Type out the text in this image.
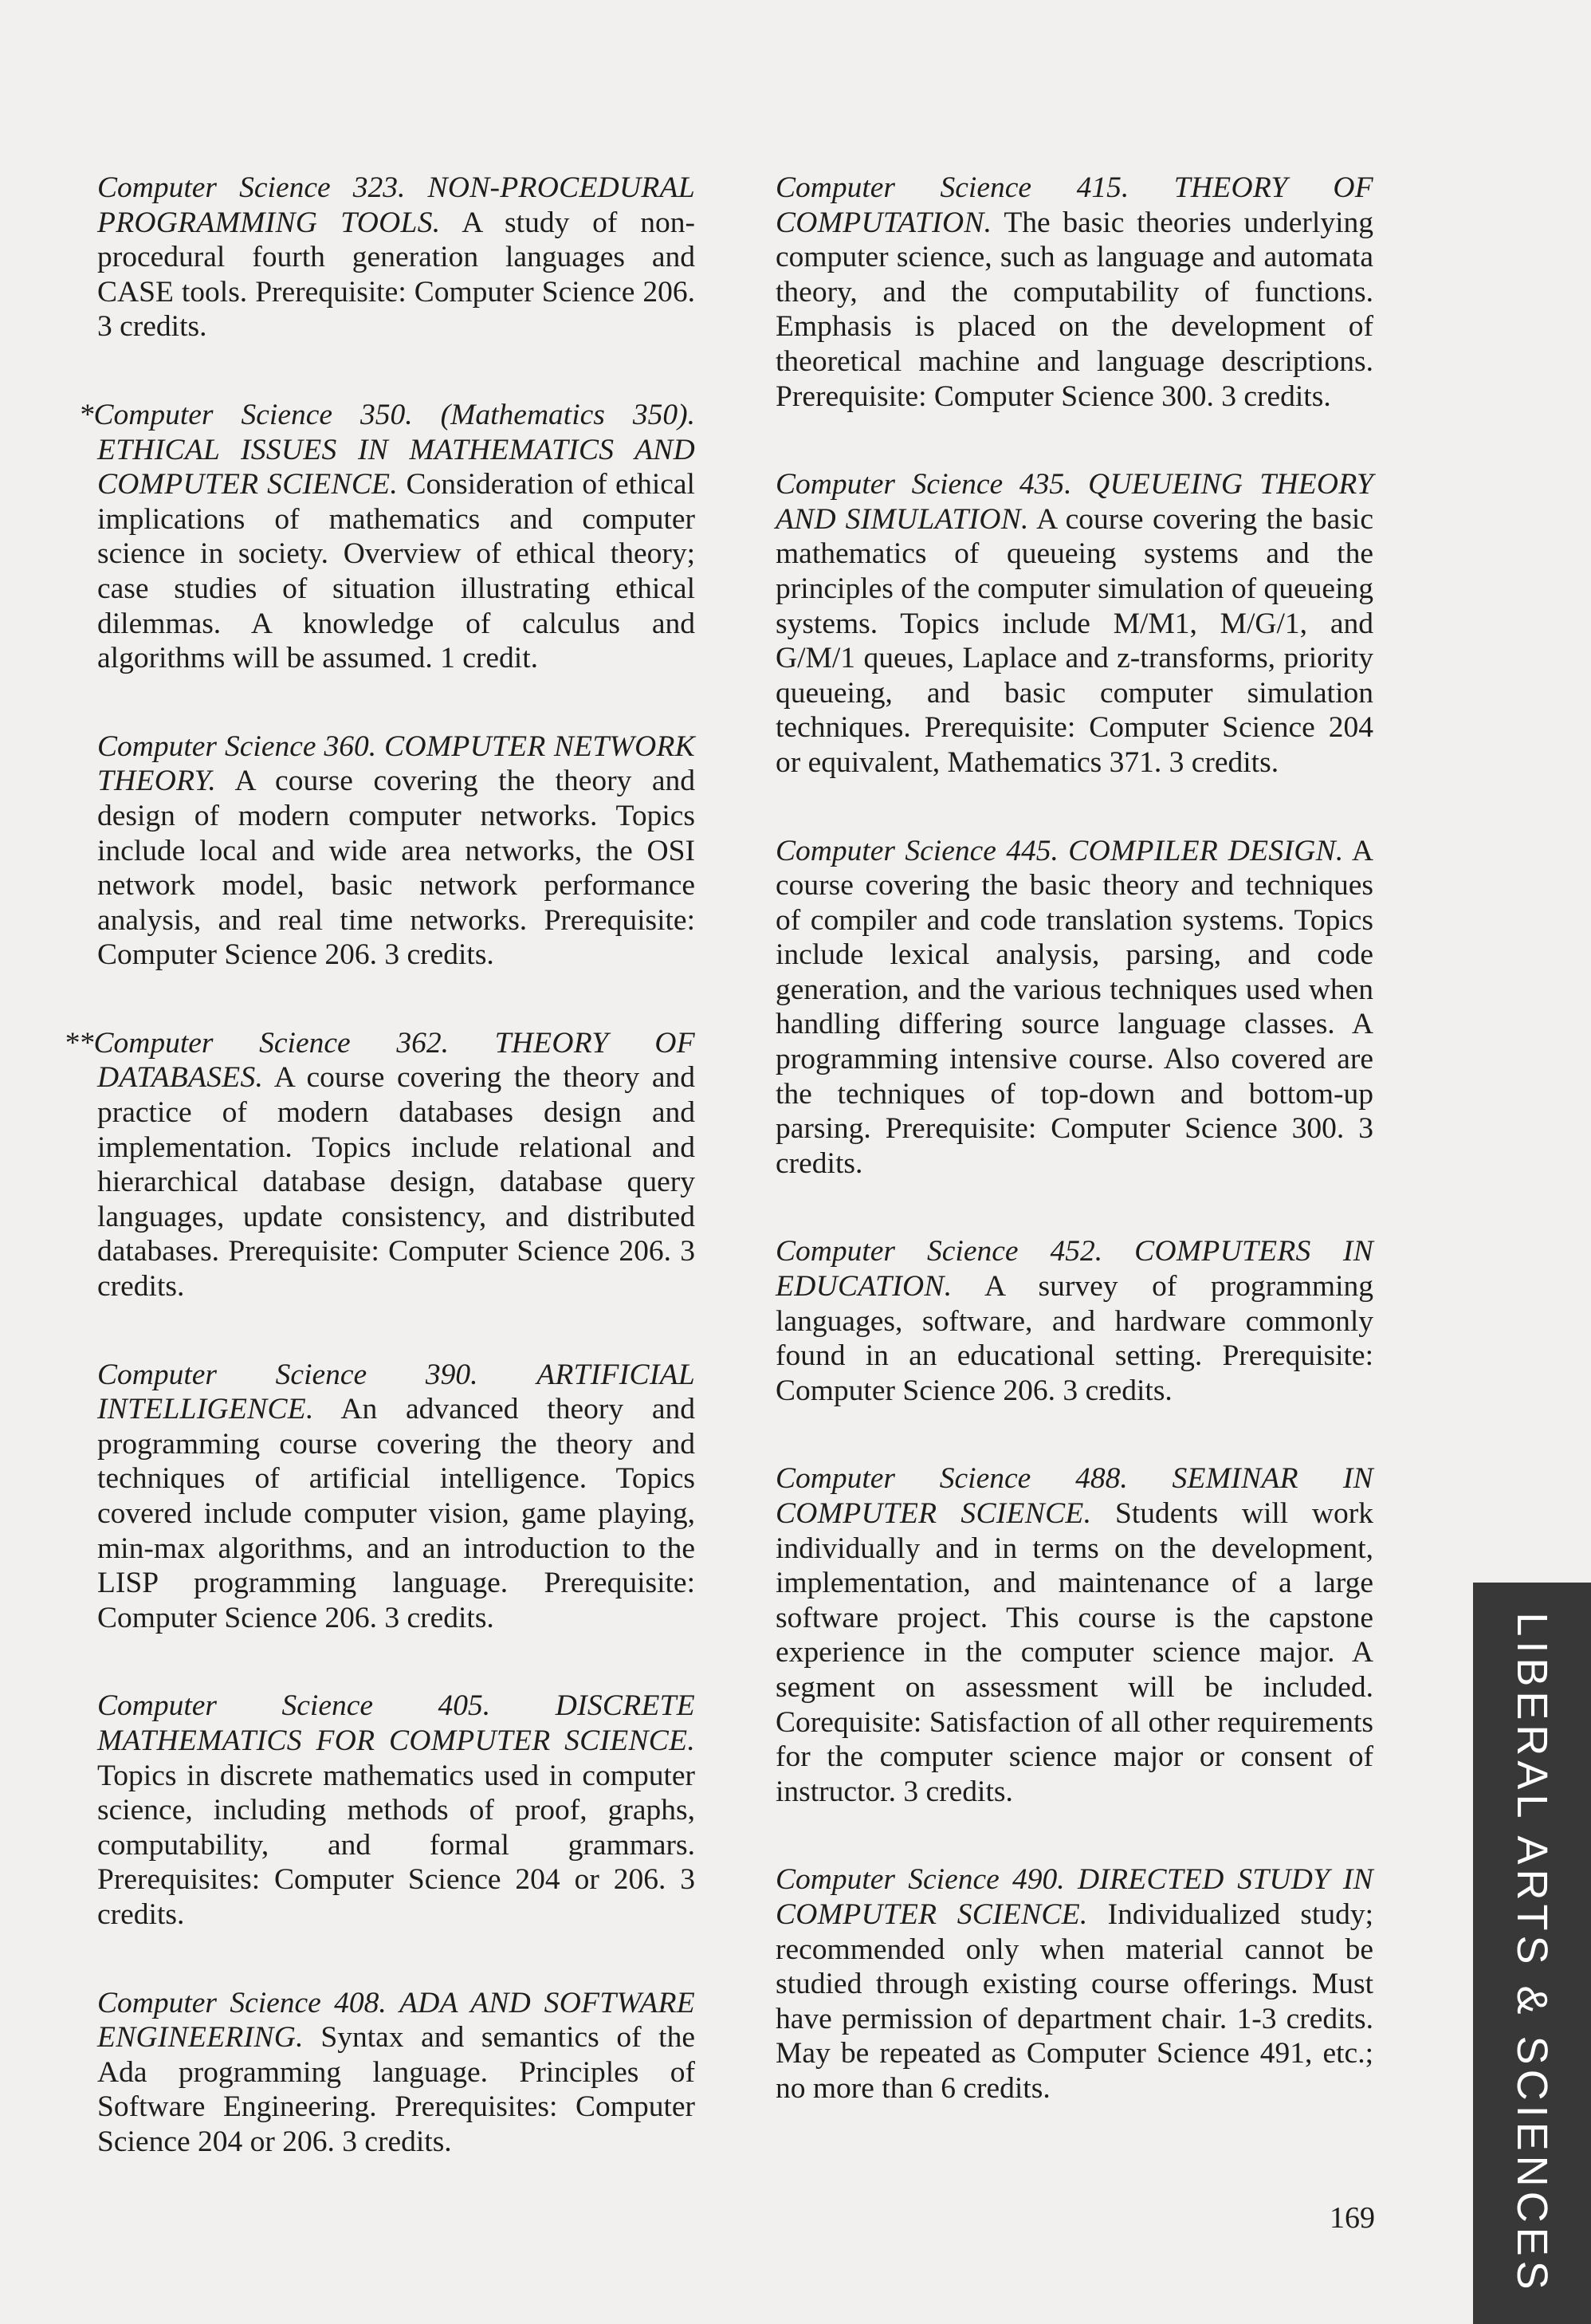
Computer Science 323. NON-PROCEDURAL PROGRAMMING TOOLS. A study of non-procedural fourth generation languages and CASE tools. Prerequisite: Computer Science 206. 3 credits.

*Computer Science 350. (Mathematics 350). ETHICAL ISSUES IN MATHEMATICS AND COMPUTER SCIENCE. Consideration of ethical implications of mathematics and computer science in society. Overview of ethical theory; case studies of situation illustrating ethical dilemmas. A knowledge of calculus and algorithms will be assumed. 1 credit.

Computer Science 360. COMPUTER NETWORK THEORY. A course covering the theory and design of modern computer networks. Topics include local and wide area networks, the OSI network model, basic network performance analysis, and real time networks. Prerequisite: Computer Science 206. 3 credits.

**Computer Science 362. THEORY OF DATABASES. A course covering the theory and practice of modern databases design and implementation. Topics include relational and hierarchical database design, database query languages, update consistency, and distributed databases. Prerequisite: Computer Science 206. 3 credits.

Computer Science 390. ARTIFICIAL INTELLIGENCE. An advanced theory and programming course covering the theory and techniques of artificial intelligence. Topics covered include computer vision, game playing, min-max algorithms, and an introduction to the LISP programming language. Prerequisite: Computer Science 206. 3 credits.

Computer Science 405. DISCRETE MATHEMATICS FOR COMPUTER SCIENCE. Topics in discrete mathematics used in computer science, including methods of proof, graphs, computability, and formal grammars. Prerequisites: Computer Science 204 or 206. 3 credits.

Computer Science 408. ADA AND SOFTWARE ENGINEERING. Syntax and semantics of the Ada programming language. Principles of Software Engineering. Prerequisites: Computer Science 204 or 206. 3 credits.

Computer Science 415. THEORY OF COMPUTATION. The basic theories underlying computer science, such as language and automata theory, and the computability of functions. Emphasis is placed on the development of theoretical machine and language descriptions. Prerequisite: Computer Science 300. 3 credits.

Computer Science 435. QUEUEING THEORY AND SIMULATION. A course covering the basic mathematics of queueing systems and the principles of the computer simulation of queueing systems. Topics include M/M1, M/G/1, and G/M/1 queues, Laplace and z-transforms, priority queueing, and basic computer simulation techniques. Prerequisite: Computer Science 204 or equivalent, Mathematics 371. 3 credits.

Computer Science 445. COMPILER DESIGN. A course covering the basic theory and techniques of compiler and code translation systems. Topics include lexical analysis, parsing, and code generation, and the various techniques used when handling differing source language classes. A programming intensive course. Also covered are the techniques of top-down and bottom-up parsing. Prerequisite: Computer Science 300. 3 credits.

Computer Science 452. COMPUTERS IN EDUCATION. A survey of programming languages, software, and hardware commonly found in an educational setting. Prerequisite: Computer Science 206. 3 credits.

Computer Science 488. SEMINAR IN COMPUTER SCIENCE. Students will work individually and in terms on the development, implementation, and maintenance of a large software project. This course is the capstone experience in the computer science major. A segment on assessment will be included. Corequisite: Satisfaction of all other requirements for the computer science major or consent of instructor. 3 credits.

Computer Science 490. DIRECTED STUDY IN COMPUTER SCIENCE. Individualized study; recommended only when material cannot be studied through existing course offerings. Must have permission of department chair. 1-3 credits. May be repeated as Computer Science 491, etc.; no more than 6 credits.	LIBERAL ARTS & SCIENCES
169
